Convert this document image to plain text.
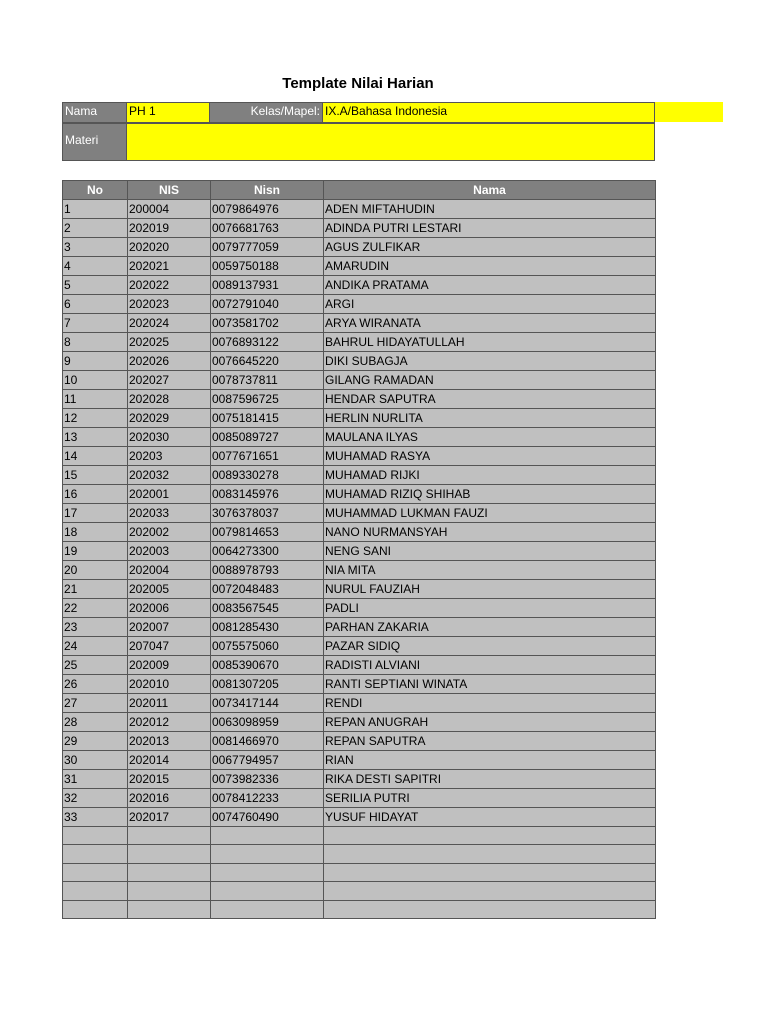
Template Nilai Harian
Nama	PH 1	Kelas/Mapel: IX.A/Bahasa Indonesia
Materi
No	NIS	Nisn	Nama
1	200004	0079864976	ADEN MIFTAHUDIN
2	202019	0076681763	ADINDA PUTRI LESTARI
3	202020	0079777059	AGUS ZULFIKAR
4	202021	0059750188	AMARUDIN
5	202022	0089137931	ANDIKA PRATAMA
6	202023	0072791040	ARGI
7	202024	0073581702	ARYA WIRANATA
8	202025	0076893122	BAHRUL HIDAYATULLAH
9	202026	0076645220	DIKI SUBAGJA
10	202027	0078737811	GILANG RAMADAN
11	202028	0087596725	HENDAR SAPUTRA
12	202029	0075181415	HERLIN NURLITA
13	202030	0085089727	MAULANA ILYAS
14	20203	0077671651	MUHAMAD RASYA
15	202032	0089330278	MUHAMAD RIJKI
16	202001	0083145976	MUHAMAD RIZIQ SHIHAB
17	202033	3076378037	MUHAMMAD LUKMAN FAUZI
18	202002	0079814653	NANO NURMANSYAH
19	202003	0064273300	NENG SANI
20	202004	0088978793	NIA MITA
21	202005	0072048483	NURUL FAUZIAH
22	202006	0083567545	PADLI
23	202007	0081285430	PARHAN ZAKARIA
24	207047	0075575060	PAZAR SIDIQ
25	202009	0085390670	RADISTI ALVIANI
26	202010	0081307205	RANTI SEPTIANI WINATA
27	202011	0073417144	RENDI
28	202012	0063098959	REPAN ANUGRAH
29	202013	0081466970	REPAN SAPUTRA
30	202014	0067794957	RIAN
31	202015	0073982336	RIKA DESTI SAPITRI
32	202016	0078412233	SERILIA PUTRI
33	202017	0074760490	YUSUF HIDAYAT
